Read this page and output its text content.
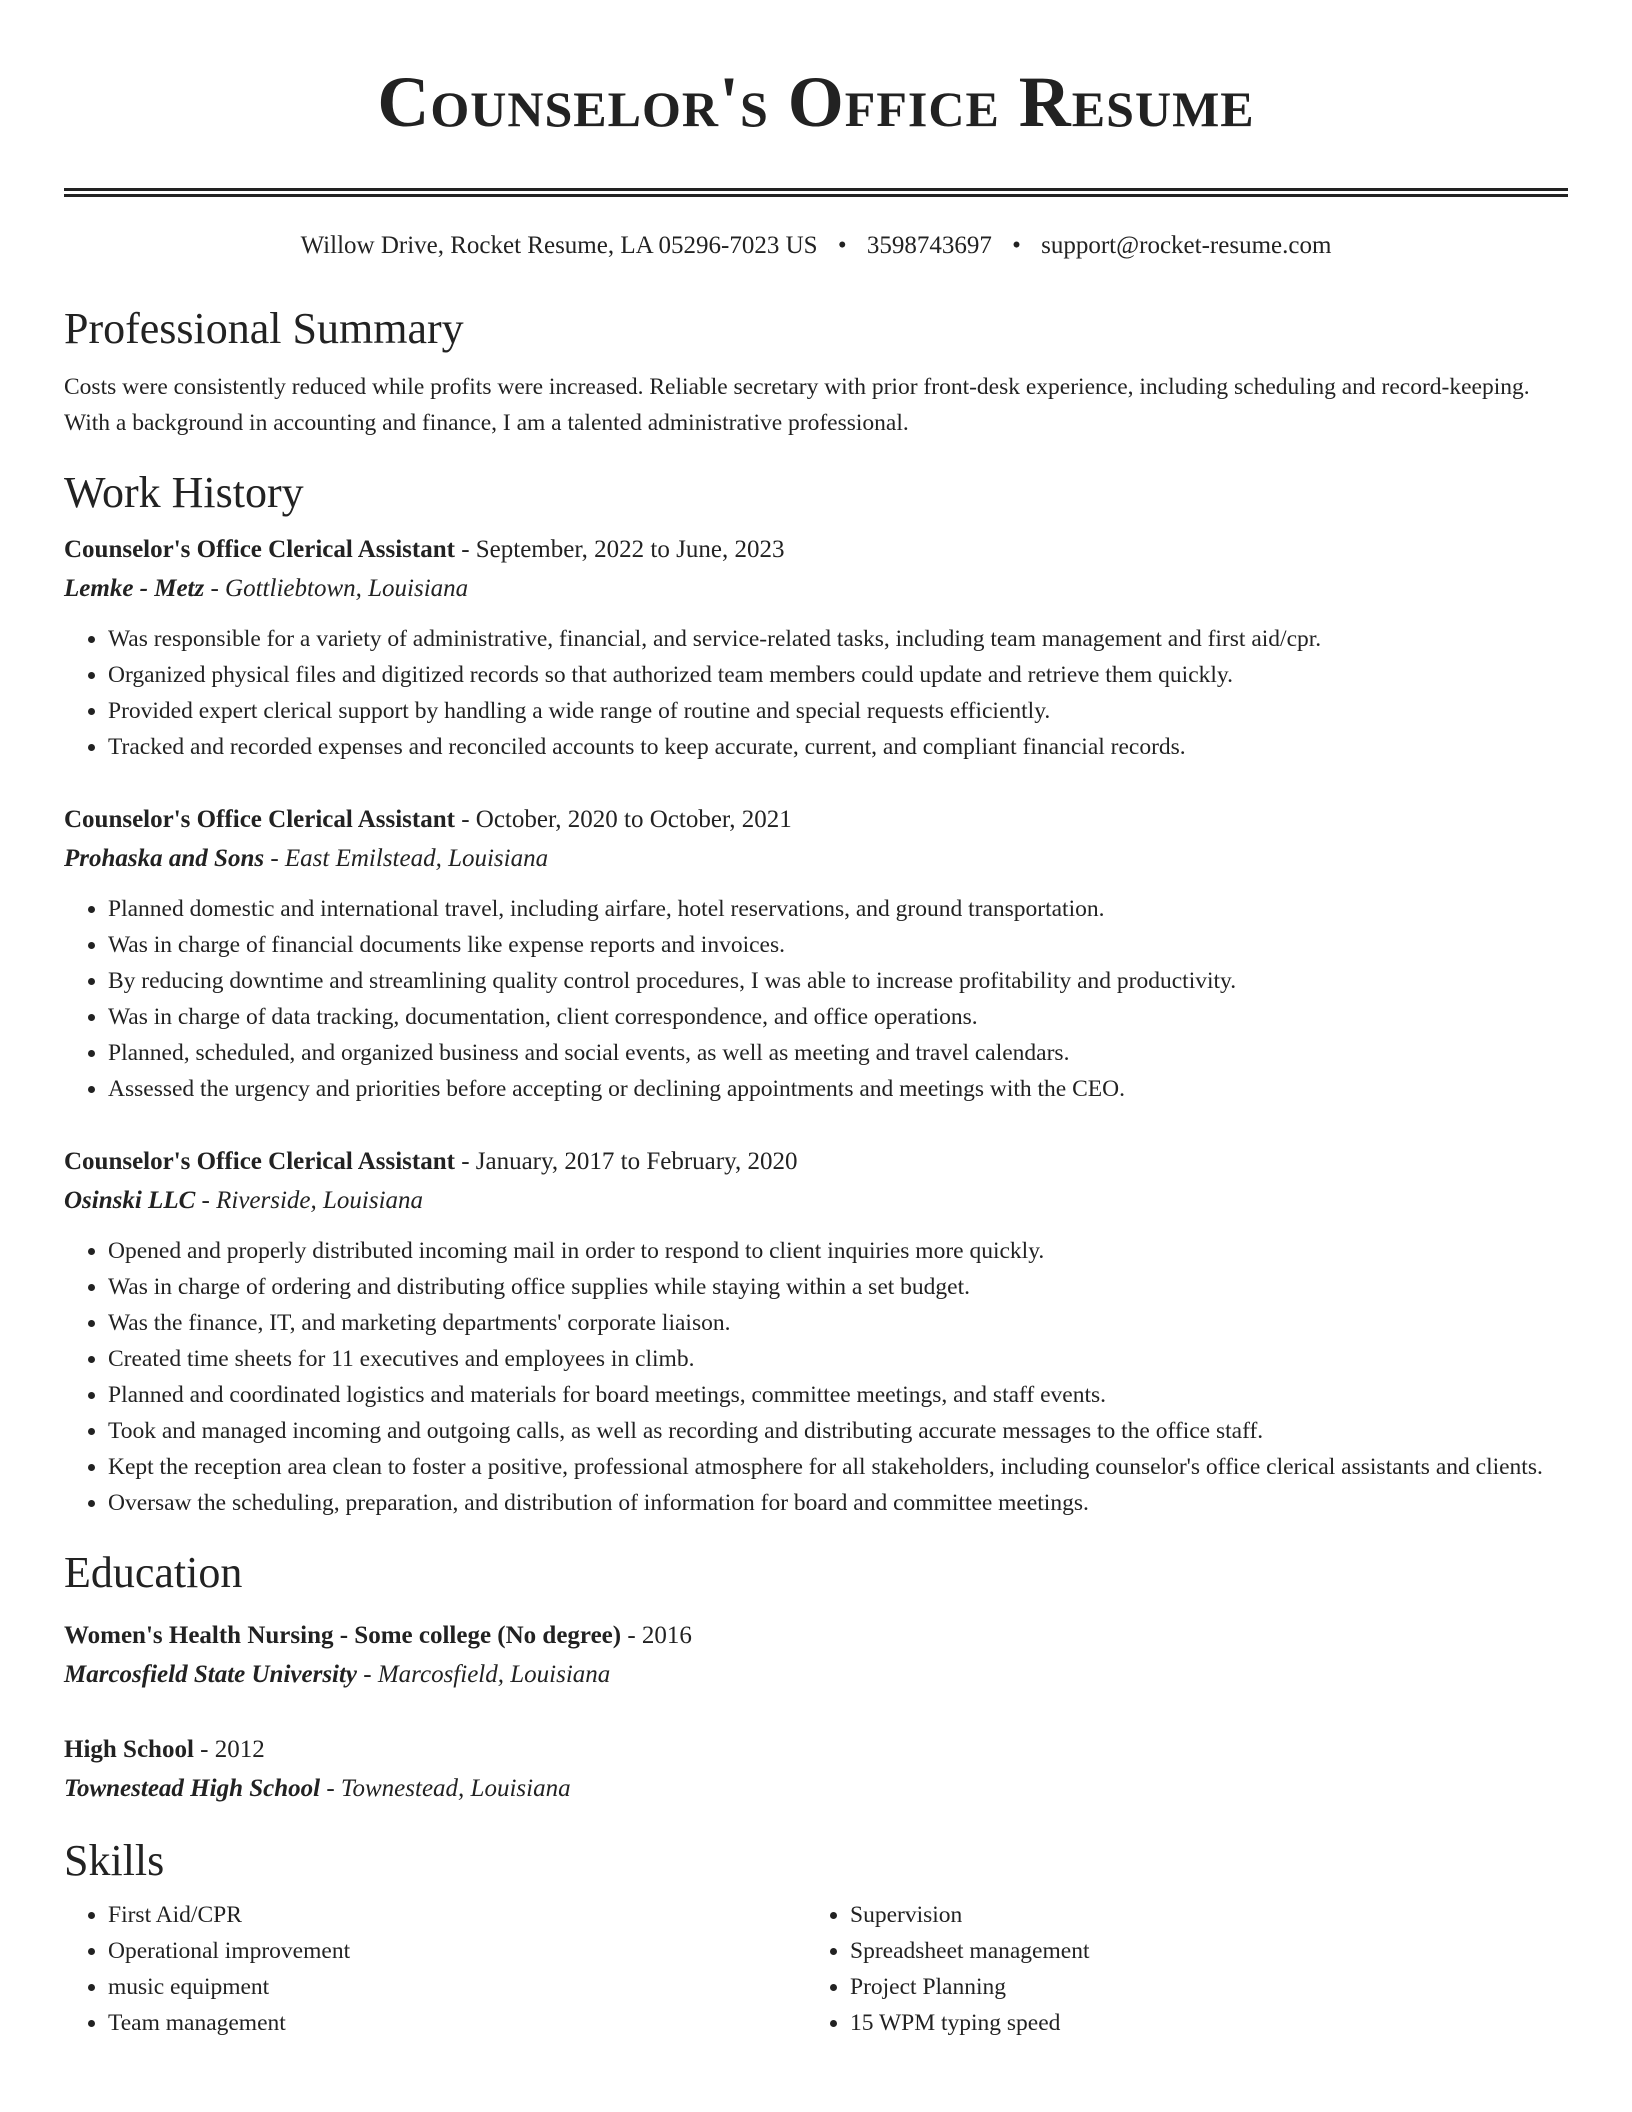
Counselor's Office Resume
Willow Drive, Rocket Resume, LA 05296-7023 US • 3598743697 • support@rocket-resume.com
Professional Summary
Costs were consistently reduced while profits were increased. Reliable secretary with prior front-desk experience, including scheduling and record-keeping. With a background in accounting and finance, I am a talented administrative professional.
Work History
Counselor's Office Clerical Assistant - September, 2022 to June, 2023
Lemke - Metz - Gottliebtown, Louisiana
• Was responsible for a variety of administrative, financial, and service-related tasks, including team management and first aid/cpr.
• Organized physical files and digitized records so that authorized team members could update and retrieve them quickly.
• Provided expert clerical support by handling a wide range of routine and special requests efficiently.
• Tracked and recorded expenses and reconciled accounts to keep accurate, current, and compliant financial records.
Counselor's Office Clerical Assistant - October, 2020 to October, 2021
Prohaska and Sons - East Emilstead, Louisiana
• Planned domestic and international travel, including airfare, hotel reservations, and ground transportation.
• Was in charge of financial documents like expense reports and invoices.
• By reducing downtime and streamlining quality control procedures, I was able to increase profitability and productivity.
• Was in charge of data tracking, documentation, client correspondence, and office operations.
• Planned, scheduled, and organized business and social events, as well as meeting and travel calendars.
• Assessed the urgency and priorities before accepting or declining appointments and meetings with the CEO.
Counselor's Office Clerical Assistant - January, 2017 to February, 2020
Osinski LLC - Riverside, Louisiana
• Opened and properly distributed incoming mail in order to respond to client inquiries more quickly.
• Was in charge of ordering and distributing office supplies while staying within a set budget.
• Was the finance, IT, and marketing departments' corporate liaison.
• Created time sheets for 11 executives and employees in climb.
• Planned and coordinated logistics and materials for board meetings, committee meetings, and staff events.
• Took and managed incoming and outgoing calls, as well as recording and distributing accurate messages to the office staff.
• Kept the reception area clean to foster a positive, professional atmosphere for all stakeholders, including counselor's office clerical assistants and clients.
• Oversaw the scheduling, preparation, and distribution of information for board and committee meetings.
Education
Women's Health Nursing - Some college (No degree) - 2016
Marcosfield State University - Marcosfield, Louisiana
High School - 2012
Townestead High School - Townestead, Louisiana
Skills
• First Aid/CPR
• Operational improvement
• music equipment
• Team management
• Supervision
• Spreadsheet management
• Project Planning
• 15 WPM typing speed
